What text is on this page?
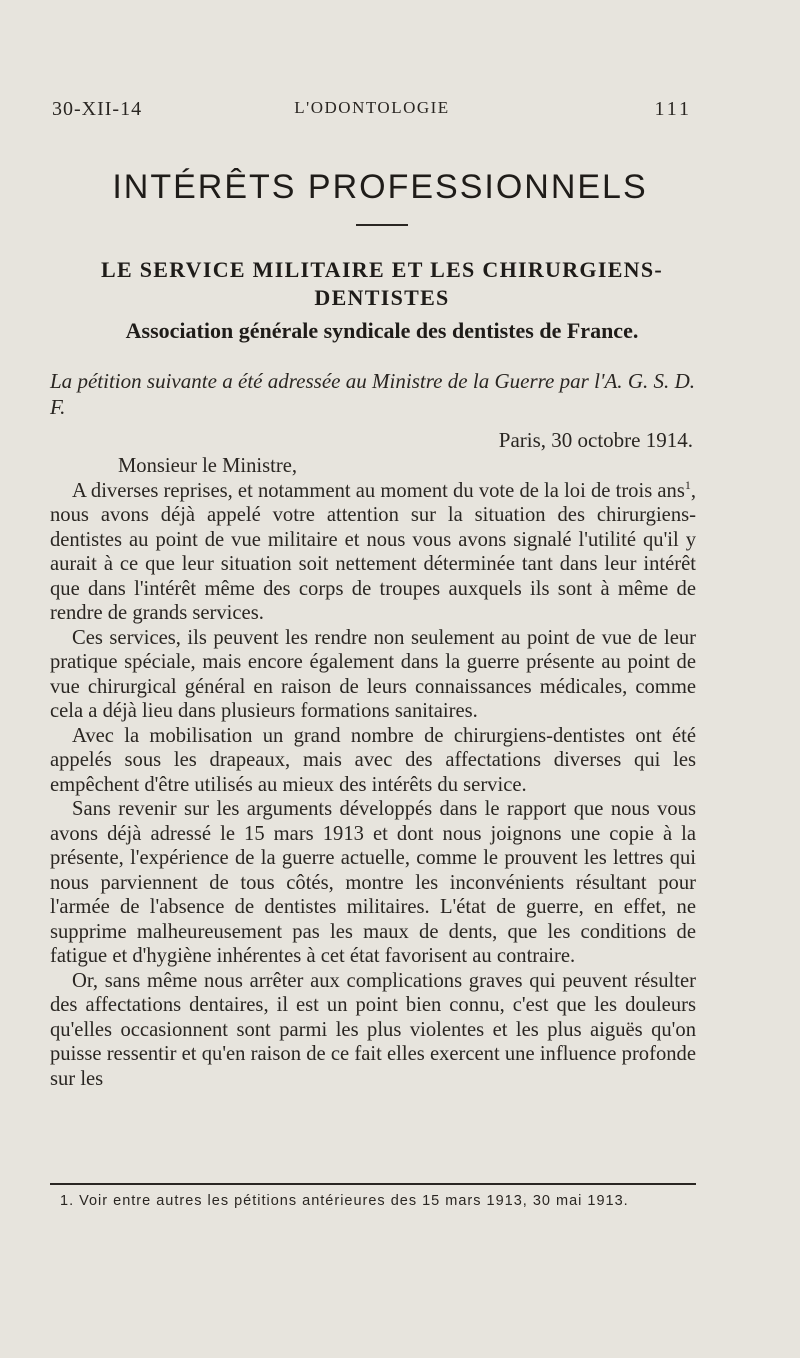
30-XII-14	L'ODONTOLOGIE	111
INTÉRÊTS PROFESSIONNELS
LE SERVICE MILITAIRE ET LES CHIRURGIENS-DENTISTES
Association générale syndicale des dentistes de France.
La pétition suivante a été adressée au Ministre de la Guerre par l'A. G. S. D. F.
Paris, 30 octobre 1914.

Monsieur le Ministre,

A diverses reprises, et notamment au moment du vote de la loi de trois ans$^1$, nous avons déjà appelé votre attention sur la situation des chirurgiens-dentistes au point de vue militaire et nous vous avons signalé l'utilité qu'il y aurait à ce que leur situation soit nettement déterminée tant dans leur intérêt que dans l'intérêt même des corps de troupes auxquels ils sont à même de rendre de grands services.

Ces services, ils peuvent les rendre non seulement au point de vue de leur pratique spéciale, mais encore également dans la guerre présente au point de vue chirurgical général en raison de leurs connaissances médicales, comme cela a déjà lieu dans plusieurs formations sanitaires.

Avec la mobilisation un grand nombre de chirurgiens-dentistes ont été appelés sous les drapeaux, mais avec des affectations diverses qui les empêchent d'être utilisés au mieux des intérêts du service.

Sans revenir sur les arguments développés dans le rapport que nous vous avons déjà adressé le 15 mars 1913 et dont nous joignons une copie à la présente, l'expérience de la guerre actuelle, comme le prouvent les lettres qui nous parviennent de tous côtés, montre les inconvénients résultant pour l'armée de l'absence de dentistes militaires. L'état de guerre, en effet, ne supprime malheureusement pas les maux de dents, que les conditions de fatigue et d'hygiène inhérentes à cet état favorisent au contraire.

Or, sans même nous arrêter aux complications graves qui peuvent résulter des affectations dentaires, il est un point bien connu, c'est que les douleurs qu'elles occasionnent sont parmi les plus violentes et les plus aiguës qu'on puisse ressentir et qu'en raison de ce fait elles exercent une influence profonde sur les

1. Voir entre autres les pétitions antérieures des 15 mars 1913, 30 mai 1913.
